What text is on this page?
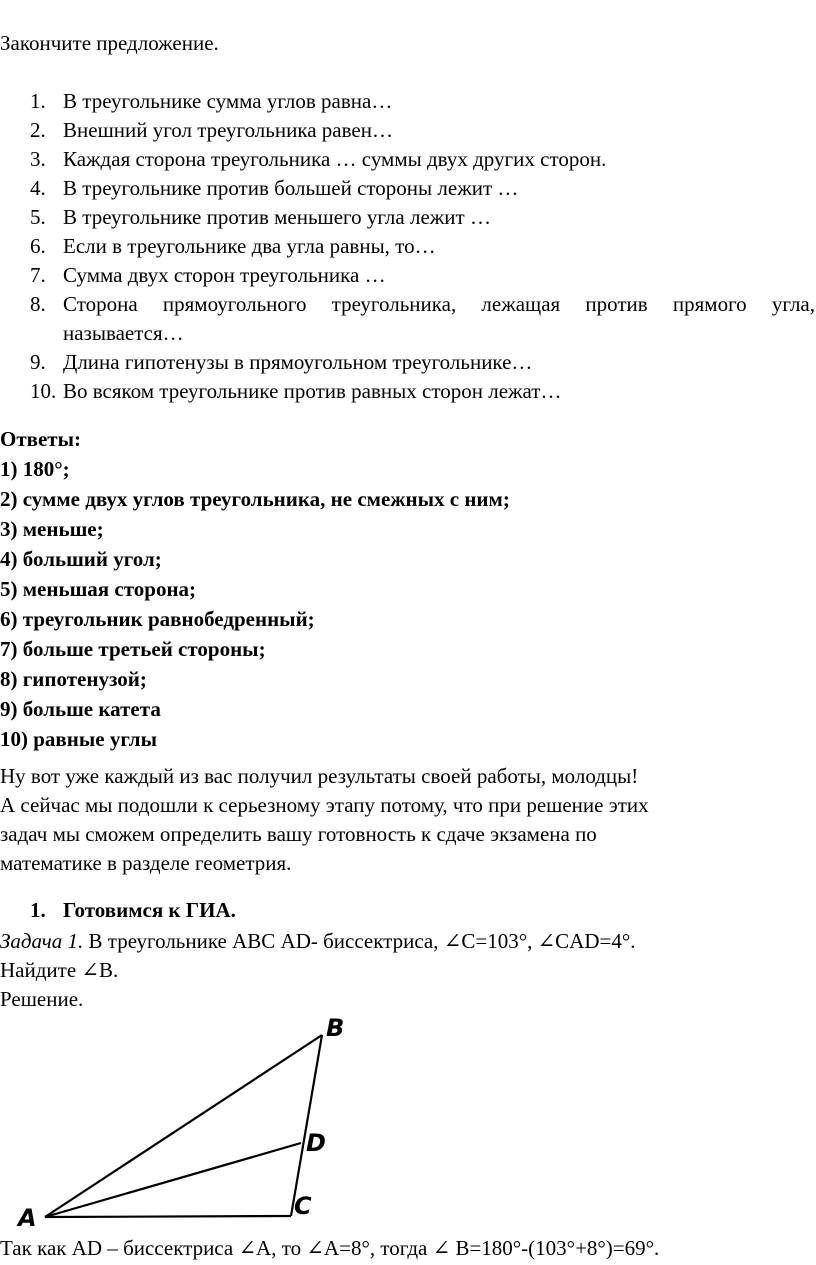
Закончите предложение.
1. В треугольнике сумма углов равна…
2. Внешний угол треугольника равен…
3. Каждая сторона треугольника … суммы двух других сторон.
4. В треугольнике против большей стороны лежит …
5. В треугольнике против меньшего угла лежит …
6. Если в треугольнике два угла равны, то…
7. Сумма двух сторон треугольника …
8. Сторона прямоугольного треугольника, лежащая против прямого угла, называется…
9. Длина гипотенузы в прямоугольном треугольнике…
10. Во всяком треугольнике против равных сторон лежат…
Ответы:
1) 180°;
2) сумме двух углов треугольника, не смежных с ним;
3) меньше;
4) больший угол;
5) меньшая сторона;
6) треугольник равнобедренный;
7) больше третьей стороны;
8) гипотенузой;
9) больше катета
10) равные углы
Ну вот уже каждый из вас получил результаты своей работы, молодцы!
А сейчас мы подошли к серьезному этапу потому, что при решение этих
задач мы сможем определить вашу готовность к сдаче экзамена по
математике в разделе геометрия.
1. Готовимся к ГИА.
Задача 1. В треугольнике АВС AD- биссектриса, ∠C=103°, ∠CAD=4°.
Найдите ∠B.
Решение.
A
B
C
D
Так как AD – биссектриса ∠A, то ∠A=8°, тогда ∠ B=180°-(103°+8°)=69°.
